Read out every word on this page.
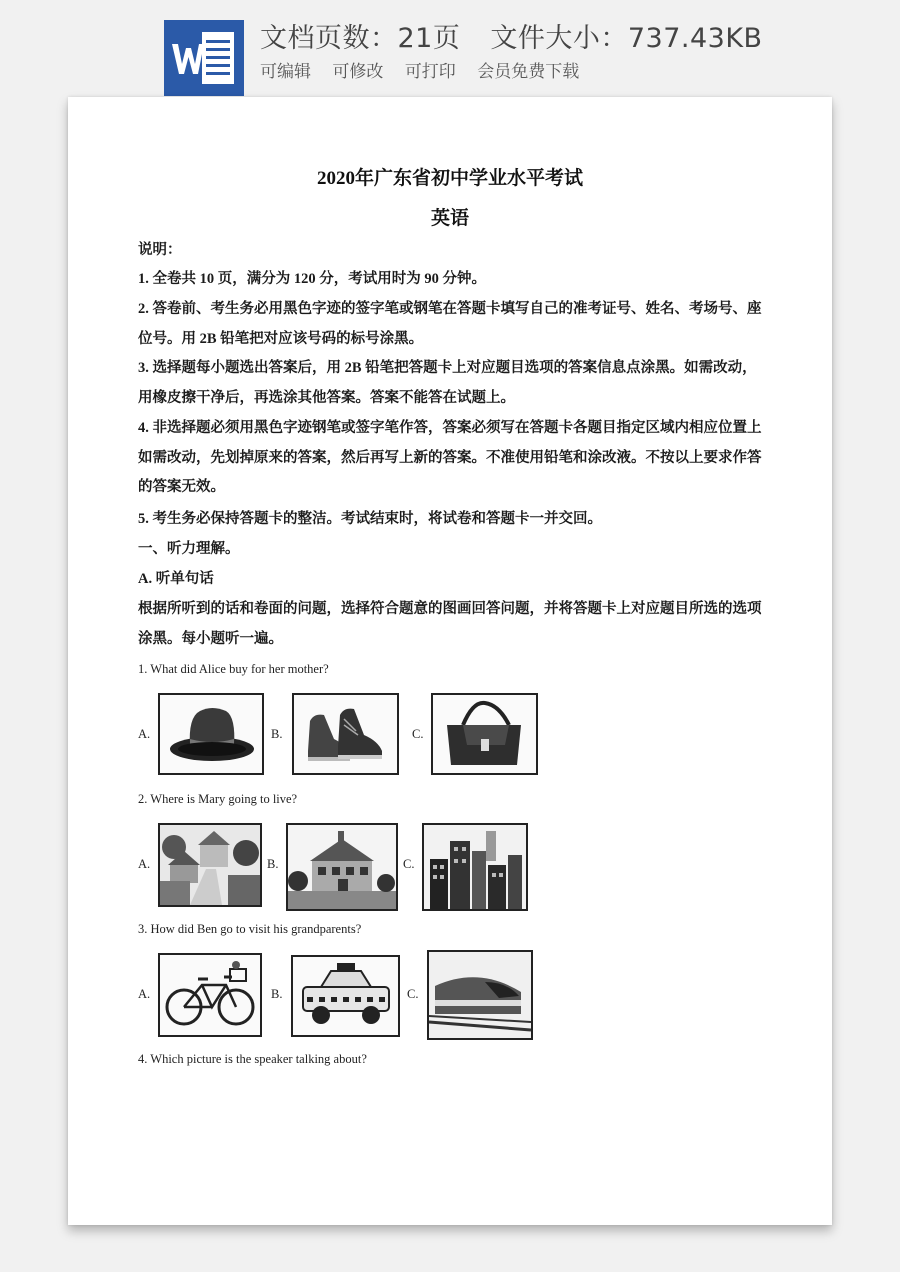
文档页数：21页 文件大小：737.43KB
可编辑 可修改 可打印 会员免费下载
2020年广东省初中学业水平考试
英语
说明：
1. 全卷共 10 页，满分为 120 分，考试用时为 90 分钟。
2. 答卷前、考生务必用黑色字迹的签字笔或钢笔在答题卡填写自己的准考证号、姓名、考场号、座位号。用 2B 铅笔把对应该号码的标号涂黑。
3. 选择题每小题选出答案后，用 2B 铅笔把答题卡上对应题目选项的答案信息点涂黑。如需改动，用橡皮擦干净后，再选涂其他答案。答案不能答在试题上。
4. 非选择题必须用黑色字迹钢笔或签字笔作答，答案必须写在答题卡各题目指定区域内相应位置上如需改动，先划掉原来的答案，然后再写上新的答案。不准使用铅笔和涂改液。不按以上要求作答的答案无效。
5. 考生务必保持答题卡的整洁。考试结束时，将试卷和答题卡一并交回。
一、听力理解。
A. 听单句话
根据所听到的话和卷面的问题，选择符合题意的图画回答问题，并将答题卡上对应题目所选的选项涂黑。每小题听一遍。
1. What did Alice buy for her mother?
A.	B.	C.
2. Where is Mary going to live?
A.	B.	C.
3. How did Ben go to visit his grandparents?
A.	B.	C.
4. Which picture is the speaker talking about?
